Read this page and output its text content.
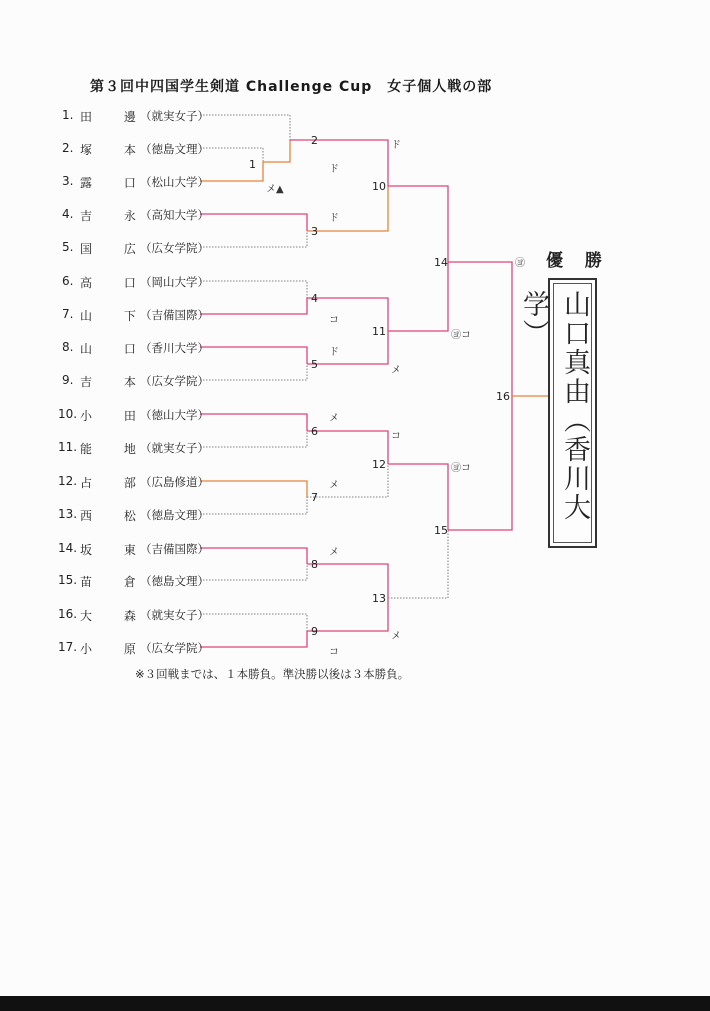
第３回中四国学生剣道 Challenge Cup　女子個人戦の部
1. 田 邊
（就実女子）
2. 塚 本
（徳島文理）
3. 露 口
（松山大学）
4. 吉 永
（高知大学）
5. 国 広
（広女学院）
6. 高 口
（岡山大学）
7. 山 下
（吉備国際）
8. 山 口
（香川大学）
9. 吉 本
（広女学院）
10. 小 田
（徳山大学）
11. 能 地
（就実女子）
12. 占 部
（広島修道）
13. 西 松
（徳島文理）
14. 坂 東
（吉備国際）
15. 苗 倉
（徳島文理）
16. 大 森
（就実女子）
17. 小 原
（広女学院）
1
2
3
4
5
6
7
8
9
10
11
12
13
14
15
16
ド
ド
メ▲
ド
コ
㋵コ
ド
メ
メ
コ
㋵コ
メ
メ
メ
コ
㋵ 優 勝
山口真由（香川大学）
※３回戦までは、１本勝負。準決勝以後は３本勝負。
